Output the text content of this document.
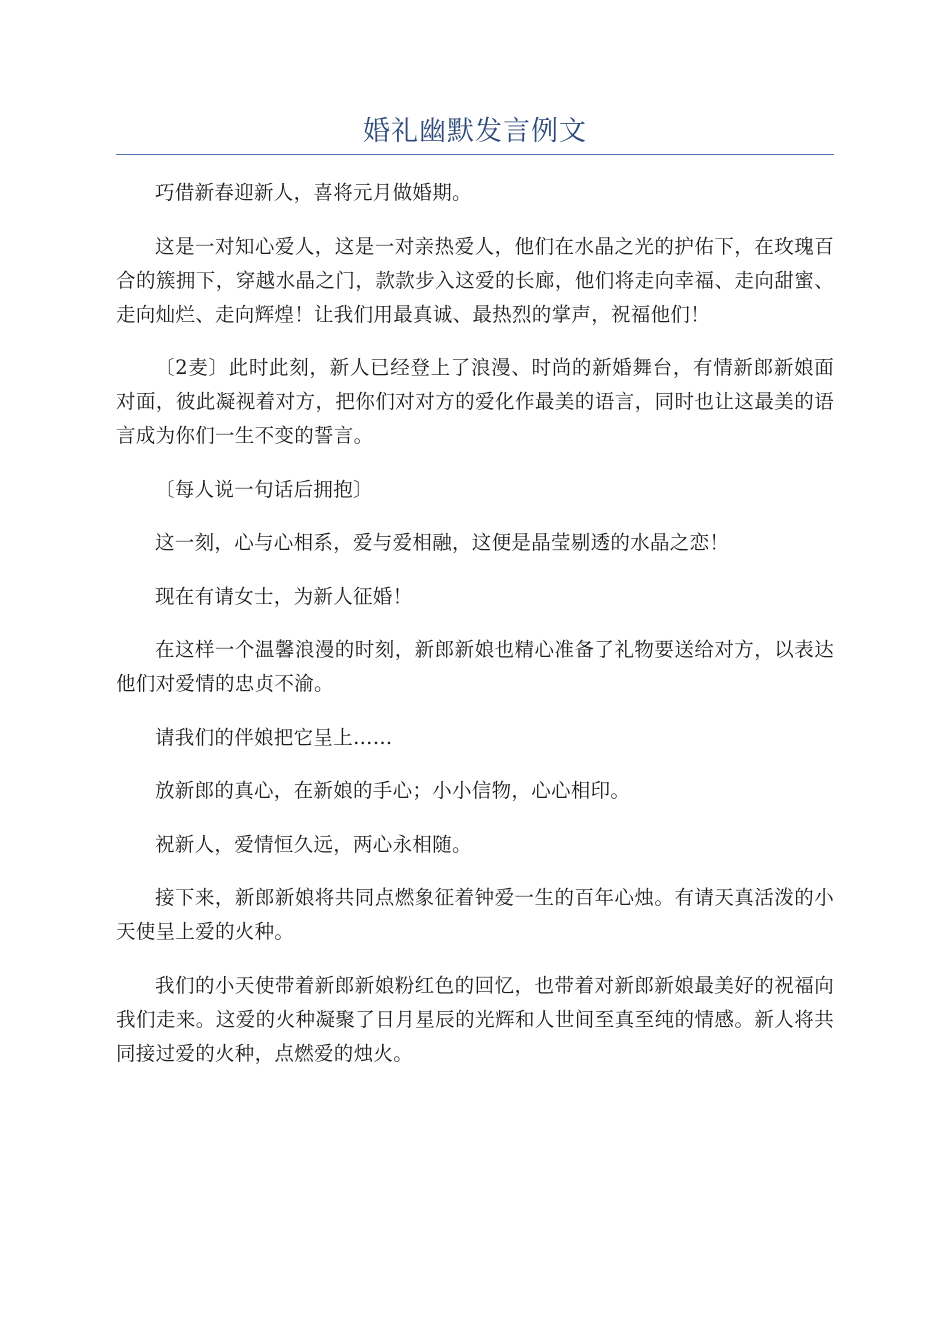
婚礼幽默发言例文

巧借新春迎新人，喜将元月做婚期。

这是一对知心爱人，这是一对亲热爱人，他们在水晶之光的护佑下，在玫瑰百合的簇拥下，穿越水晶之门，款款步入这爱的长廊，他们将走向幸福、走向甜蜜、走向灿烂、走向辉煌！让我们用最真诚、最热烈的掌声，祝福他们！

〔2麦〕此时此刻，新人已经登上了浪漫、时尚的新婚舞台，有情新郎新娘面对面，彼此凝视着对方，把你们对对方的爱化作最美的语言，同时也让这最美的语言成为你们一生不变的誓言。

〔每人说一句话后拥抱〕

这一刻，心与心相系，爱与爱相融，这便是晶莹剔透的水晶之恋！

现在有请女士，为新人征婚！

在这样一个温馨浪漫的时刻，新郎新娘也精心准备了礼物要送给对方，以表达他们对爱情的忠贞不渝。

请我们的伴娘把它呈上……

放新郎的真心，在新娘的手心；小小信物，心心相印。

祝新人，爱情恒久远，两心永相随。

接下来，新郎新娘将共同点燃象征着钟爱一生的百年心烛。有请天真活泼的小天使呈上爱的火种。

我们的小天使带着新郎新娘粉红色的回忆，也带着对新郎新娘最美好的祝福向我们走来。这爱的火种凝聚了日月星辰的光辉和人世间至真至纯的情感。新人将共同接过爱的火种，点燃爱的烛火。
